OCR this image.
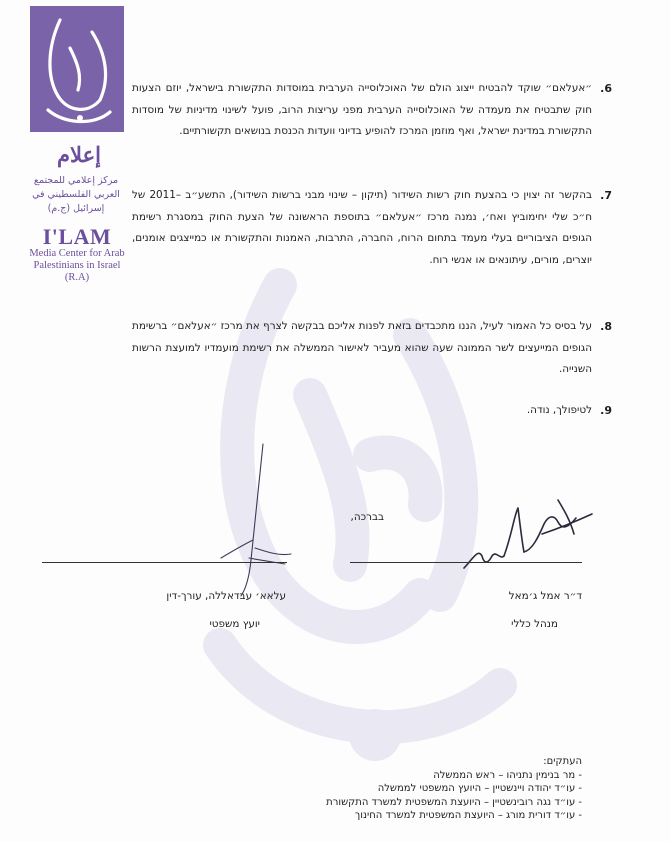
إعلام
مركز إعلامي للمجتمع العربي الفلسطيني في إسرائيل (ج.م)
I'LAM
Media Center for Arab Palestinians in Israel (R.A)
6.
״אעלאם״ שוקד להבטיח ייצוג הולם של האוכלוסייה הערבית במוסדות התקשורת בישראל, יוזם הצעות חוק שתבטיח את מעמדה של האוכלוסייה הערבית מפני עריצות הרוב, פועל לשינוי מדיניות של מוסדות התקשורת במדינת ישראל, ואף מוזמן המרכז להופיע בדיוני וועדות הכנסת בנושאים תקשורתיים.
7.
בהקשר זה יצוין כי בהצעת חוק רשות השידור (תיקון – שינוי מבני ברשות השידור), התשע״ב –2011 של ח״כ שלי יחימוביץ ואח׳, נמנה מרכז ״אעלאם״ בתוספת הראשונה של הצעת החוק במסגרת רשימת הגופים הציבוריים בעלי מעמד בתחום הרוח, החברה, התרבות, האמנות והתקשורת או כמייצגים אומנים, יוצרים, מורים, עיתונאים או אנשי רוח.
8.
על בסיס כל האמור לעיל, הננו מתכבדים בזאת לפנות אליכם בבקשה לצרף את מרכז ״אעלאם״ ברשימת הגופים המייעצים לשר הממונה שעה שהוא מעביר לאישור הממשלה את רשימת מועמדיו למועצת הרשות השנייה.
9.
לטיפולך, נודה.
בברכה,
עלאא׳ עבדאללה, עורך-דין
יועץ משפטי
ד״ר אמל ג׳מאל
מנהל כללי
העתקים:
- מר בנימין נתניהו – ראש הממשלה
- עו״ד יהודה ויינשטיין – היועץ המשפטי לממשלה
- עו״ד נגה רובינשטיין – היועצת המשפטית למשרד התקשורת
- עו״ד דורית מורג – היועצת המשפטית למשרד החינוך
